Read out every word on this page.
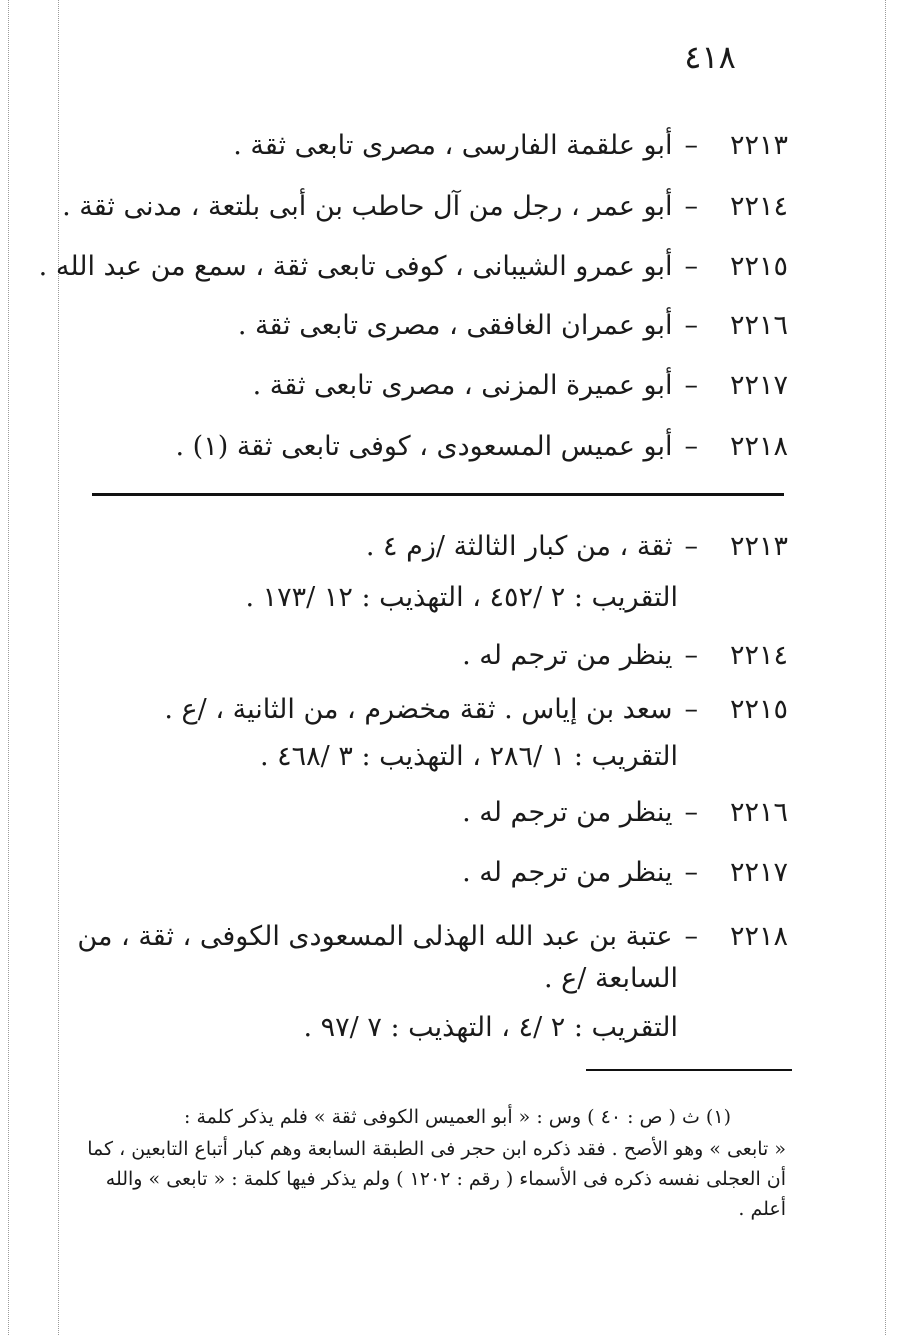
٤١٨
٢٢١٣–أبو علقمة الفارسى ، مصرى تابعى ثقة .
٢٢١٤–أبو عمر ، رجل من آل حاطب بن أبى بلتعة ، مدنى ثقة .
٢٢١٥–أبو عمرو الشيبانى ، كوفى تابعى ثقة ، سمع من عبد الله .
٢٢١٦–أبو عمران الغافقى ، مصرى تابعى ثقة .
٢٢١٧–أبو عميرة المزنى ، مصرى تابعى ثقة .
٢٢١٨–أبو عميس المسعودى ، كوفى تابعى ثقة (١) .
٢٢١٣–ثقة ، من كبار الثالثة /زم ٤ .
التقريب : ٢ /٤٥٢ ، التهذيب : ١٢ /١٧٣ .
٢٢١٤–ينظر من ترجم له .
٢٢١٥–سعد بن إياس . ثقة مخضرم ، من الثانية ، /ع .
التقريب : ١ /٢٨٦ ، التهذيب : ٣ /٤٦٨ .
٢٢١٦–ينظر من ترجم له .
٢٢١٧–ينظر من ترجم له .
٢٢١٨–عتبة بن عبد الله الهذلى المسعودى الكوفى ، ثقة ، من
السابعة /ع .
التقريب : ٢ /٤ ، التهذيب : ٧ /٩٧ .
(١) ث ( ص : ٤٠ ) وس : « أبو العميس الكوفى ثقة » فلم يذكر كلمة :
« تابعى » وهو الأصح . فقد ذكره ابن حجر فى الطبقة السابعة وهم كبار أتباع التابعين ، كما
أن العجلى نفسه ذكره فى الأسماء ( رقم : ١٢٠٢ ) ولم يذكر فيها كلمة : « تابعى » والله
أعلم .
